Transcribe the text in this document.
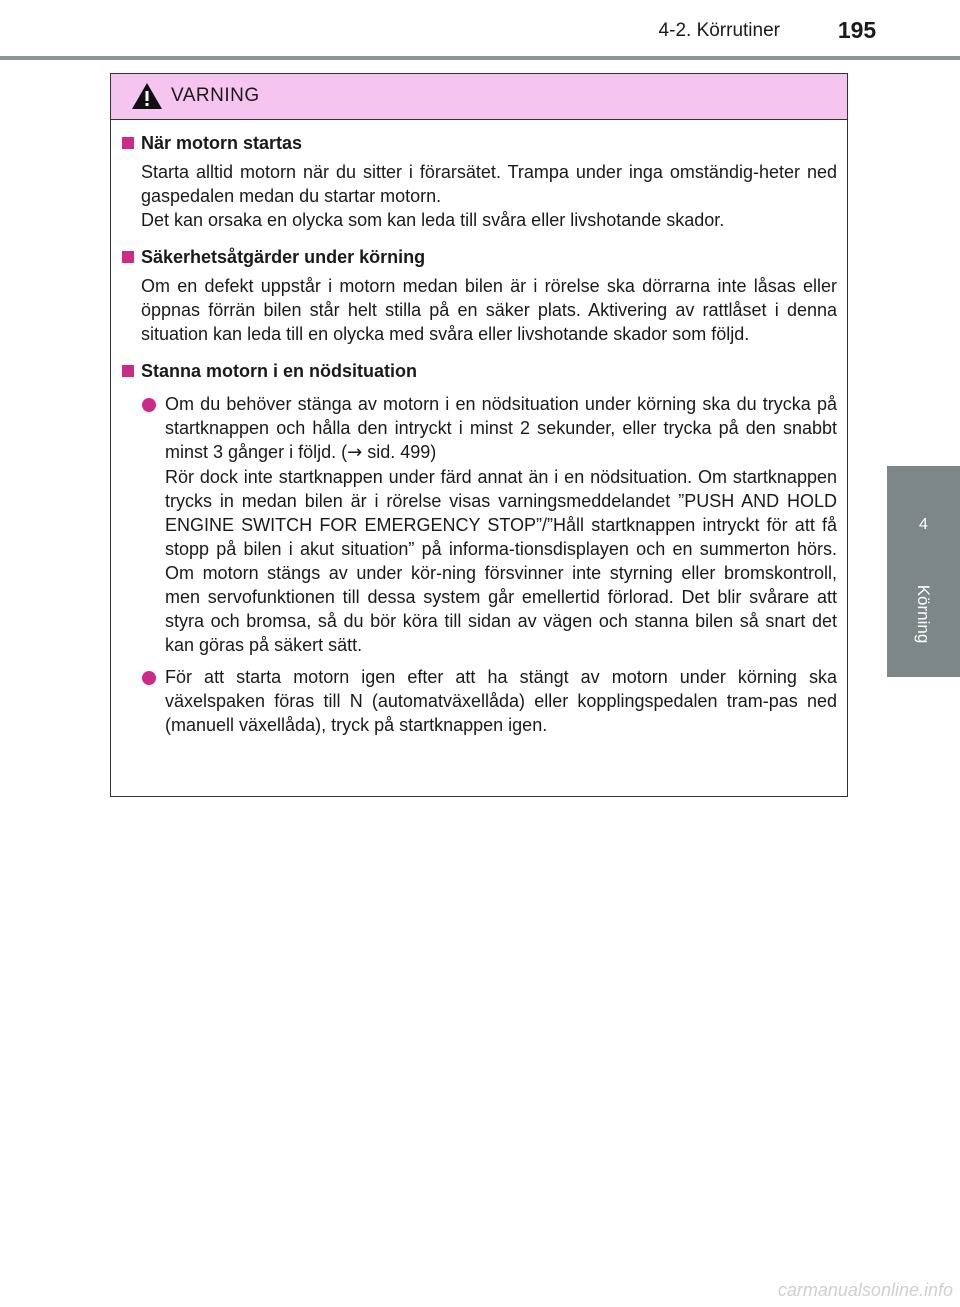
4-2. Körrutiner	195
4
Körning
VARNING
När motorn startas
Starta alltid motorn när du sitter i förarsätet. Trampa under inga omständig-heter ned gaspedalen medan du startar motorn.
Det kan orsaka en olycka som kan leda till svåra eller livshotande skador.
Säkerhetsåtgärder under körning
Om en defekt uppstår i motorn medan bilen är i rörelse ska dörrarna inte låsas eller öppnas förrän bilen står helt stilla på en säker plats. Aktivering av rattlåset i denna situation kan leda till en olycka med svåra eller livshotande skador som följd.
Stanna motorn i en nödsituation
Om du behöver stänga av motorn i en nödsituation under körning ska du trycka på startknappen och hålla den intryckt i minst 2 sekunder, eller trycka på den snabbt minst 3 gånger i följd. (→ sid. 499)
Rör dock inte startknappen under färd annat än i en nödsituation. Om startknappen trycks in medan bilen är i rörelse visas varningsmeddelandet ”PUSH AND HOLD ENGINE SWITCH FOR EMERGENCY STOP”/”Håll startknappen intryckt för att få stopp på bilen i akut situation” på informa-tionsdisplayen och en summerton hörs. Om motorn stängs av under kör-ning försvinner inte styrning eller bromskontroll, men servofunktionen till dessa system går emellertid förlorad. Det blir svårare att styra och bromsa, så du bör köra till sidan av vägen och stanna bilen så snart det kan göras på säkert sätt.
För att starta motorn igen efter att ha stängt av motorn under körning ska växelspaken föras till N (automatväxellåda) eller kopplingspedalen tram-pas ned (manuell växellåda), tryck på startknappen igen.
carmanualsonline.info
